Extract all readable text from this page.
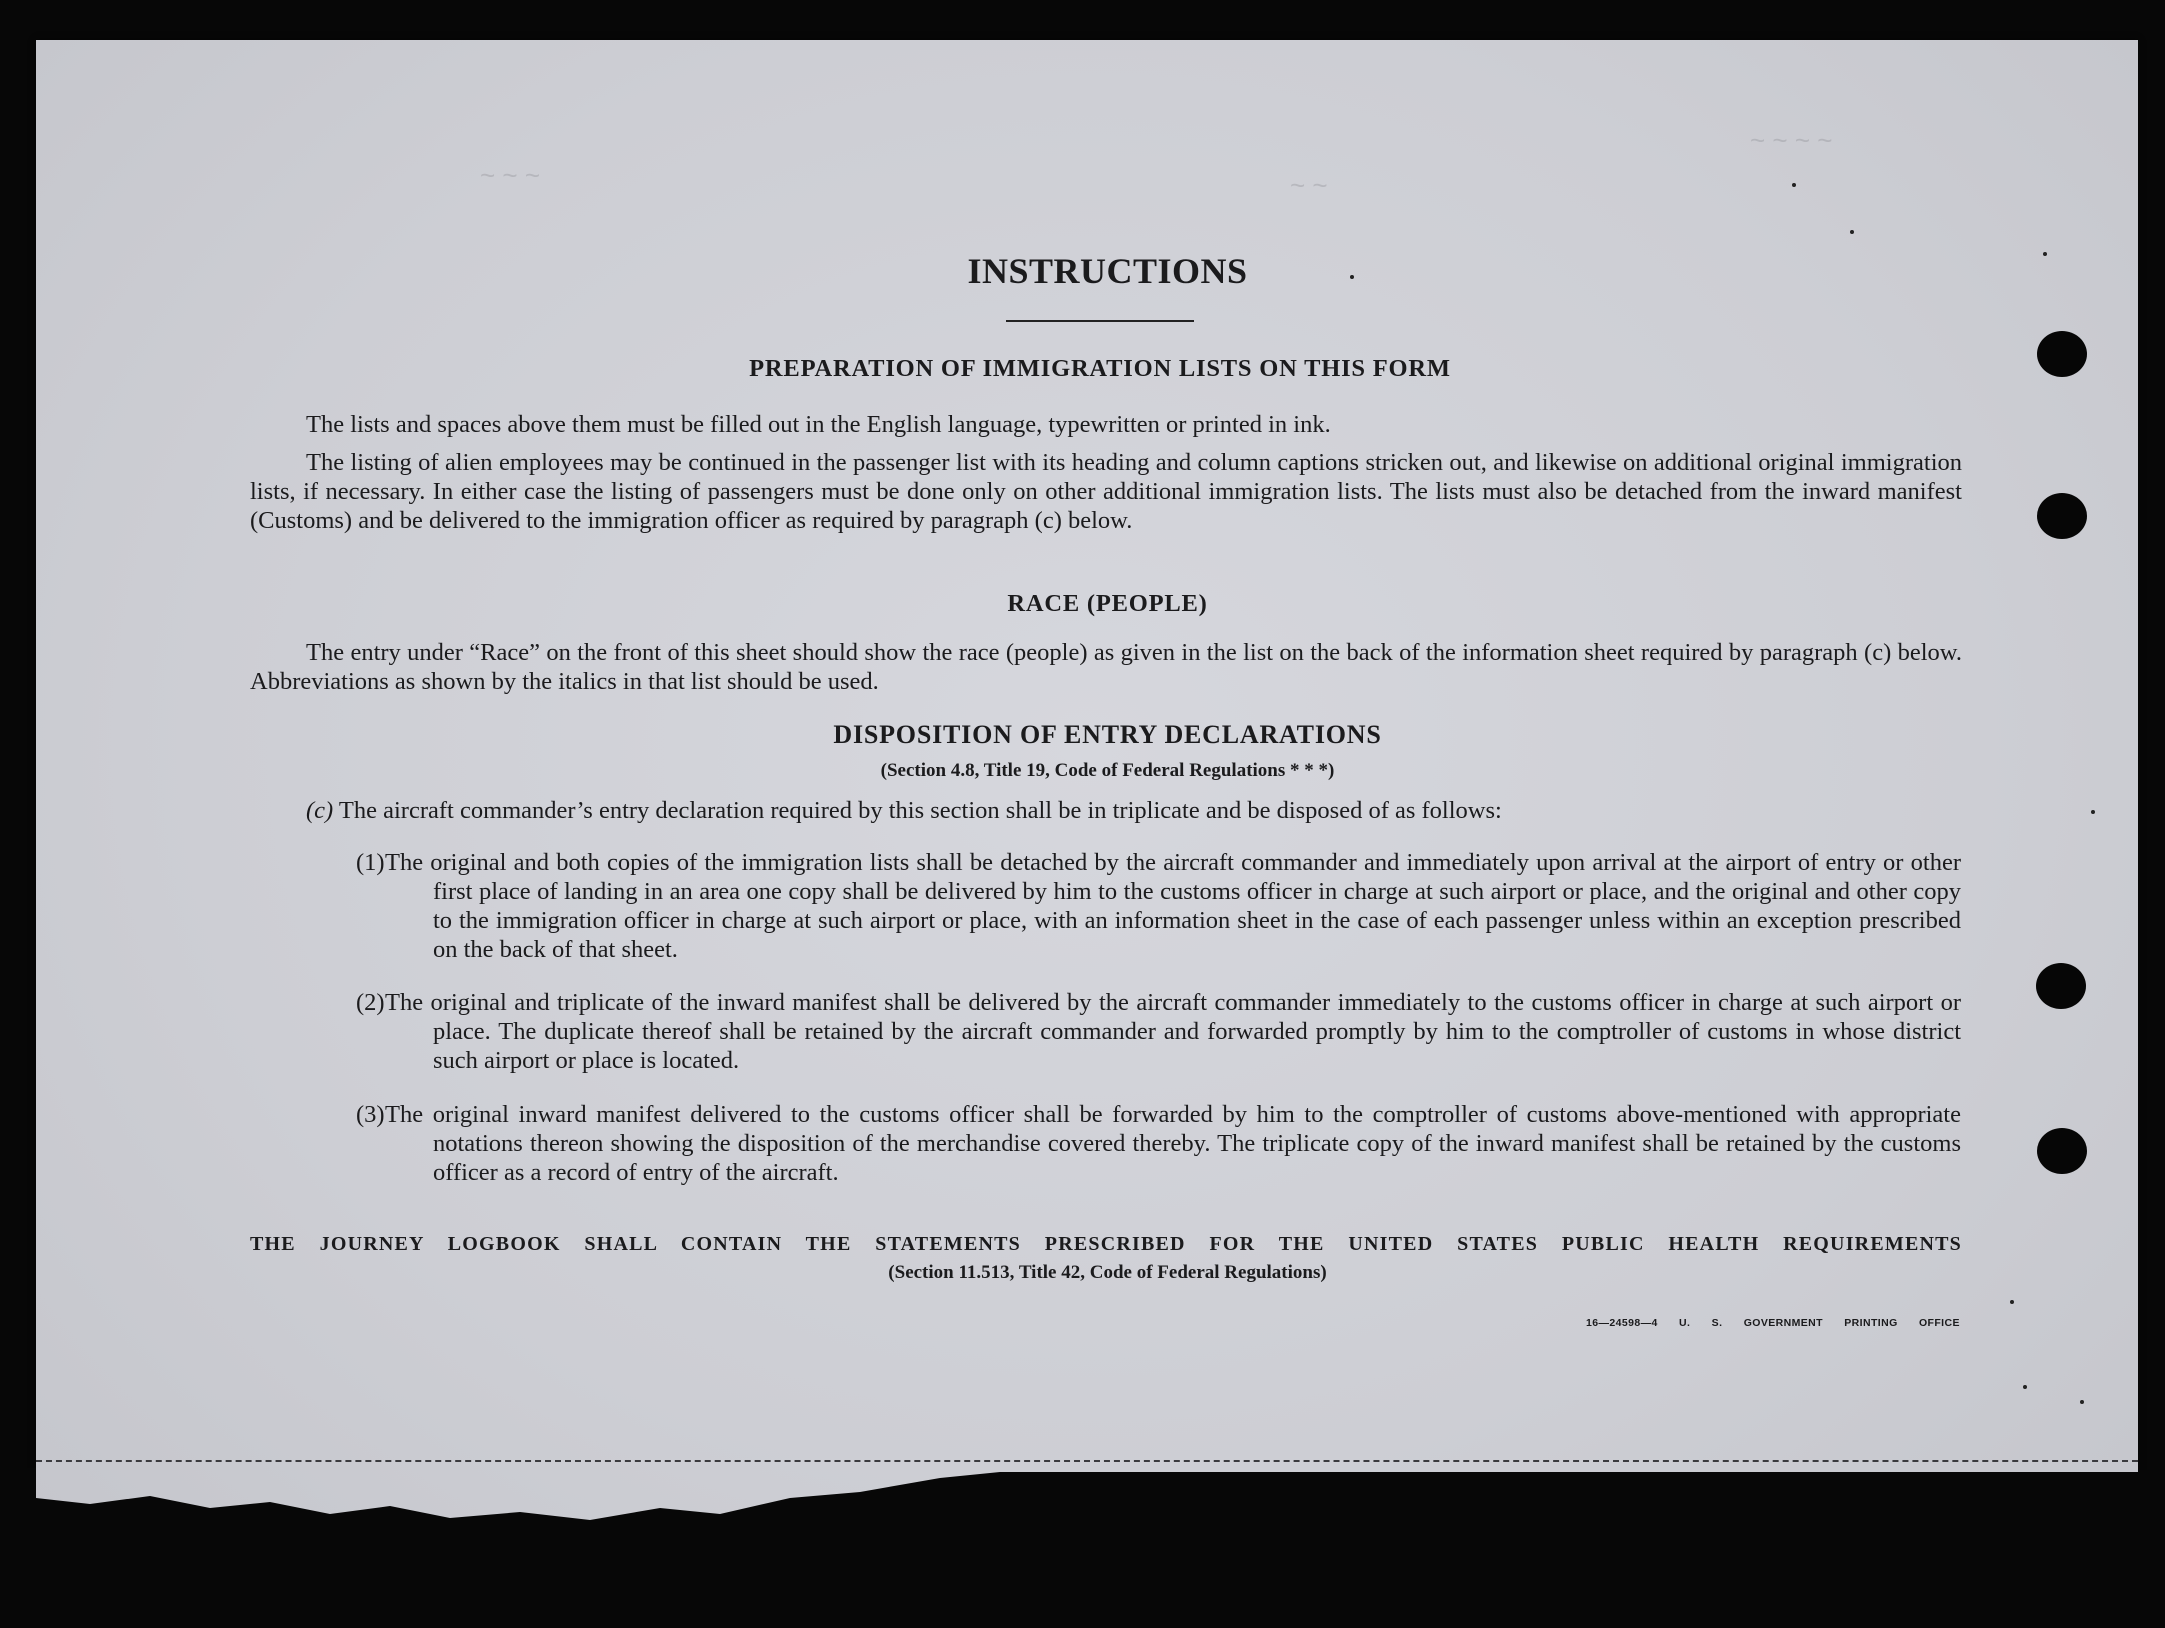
~ ~ ~	~ ~
~ ~ ~ ~
INSTRUCTIONS
PREPARATION OF IMMIGRATION LISTS ON THIS FORM
The lists and spaces above them must be filled out in the English language, typewritten or printed in ink.
The listing of alien employees may be continued in the passenger list with its heading and column captions stricken out, and likewise on additional original immigration lists, if necessary. In either case the listing of passengers must be done only on other additional immigration lists. The lists must also be detached from the inward manifest (Customs) and be delivered to the immigration officer as required by paragraph (c) below.
RACE (PEOPLE)
The entry under “Race” on the front of this sheet should show the race (people) as given in the list on the back of the information sheet required by paragraph (c) below. Abbreviations as shown by the italics in that list should be used.
DISPOSITION OF ENTRY DECLARATIONS
(Section 4.8, Title 19, Code of Federal Regulations * * *)
(c) The aircraft commander’s entry declaration required by this section shall be in triplicate and be disposed of as follows:
(1) The original and both copies of the immigration lists shall be detached by the aircraft commander and immediately upon arrival at the airport of entry or other first place of landing in an area one copy shall be delivered by him to the customs officer in charge at such airport or place, and the original and other copy to the immigration officer in charge at such airport or place, with an information sheet in the case of each passenger unless within an exception prescribed on the back of that sheet.
(2) The original and triplicate of the inward manifest shall be delivered by the aircraft commander immediately to the customs officer in charge at such airport or place. The duplicate thereof shall be retained by the aircraft commander and forwarded promptly by him to the comptroller of customs in whose district such airport or place is located.
(3) The original inward manifest delivered to the customs officer shall be forwarded by him to the comptroller of customs above-mentioned with appropriate notations thereon showing the disposition of the merchandise covered thereby. The triplicate copy of the inward manifest shall be retained by the customs officer as a record of entry of the aircraft.
THE JOURNEY LOGBOOK SHALL CONTAIN THE STATEMENTS PRESCRIBED FOR THE UNITED STATES PUBLIC HEALTH REQUIREMENTS
(Section 11.513, Title 42, Code of Federal Regulations)
16—24598—4 U. S. GOVERNMENT PRINTING OFFICE
